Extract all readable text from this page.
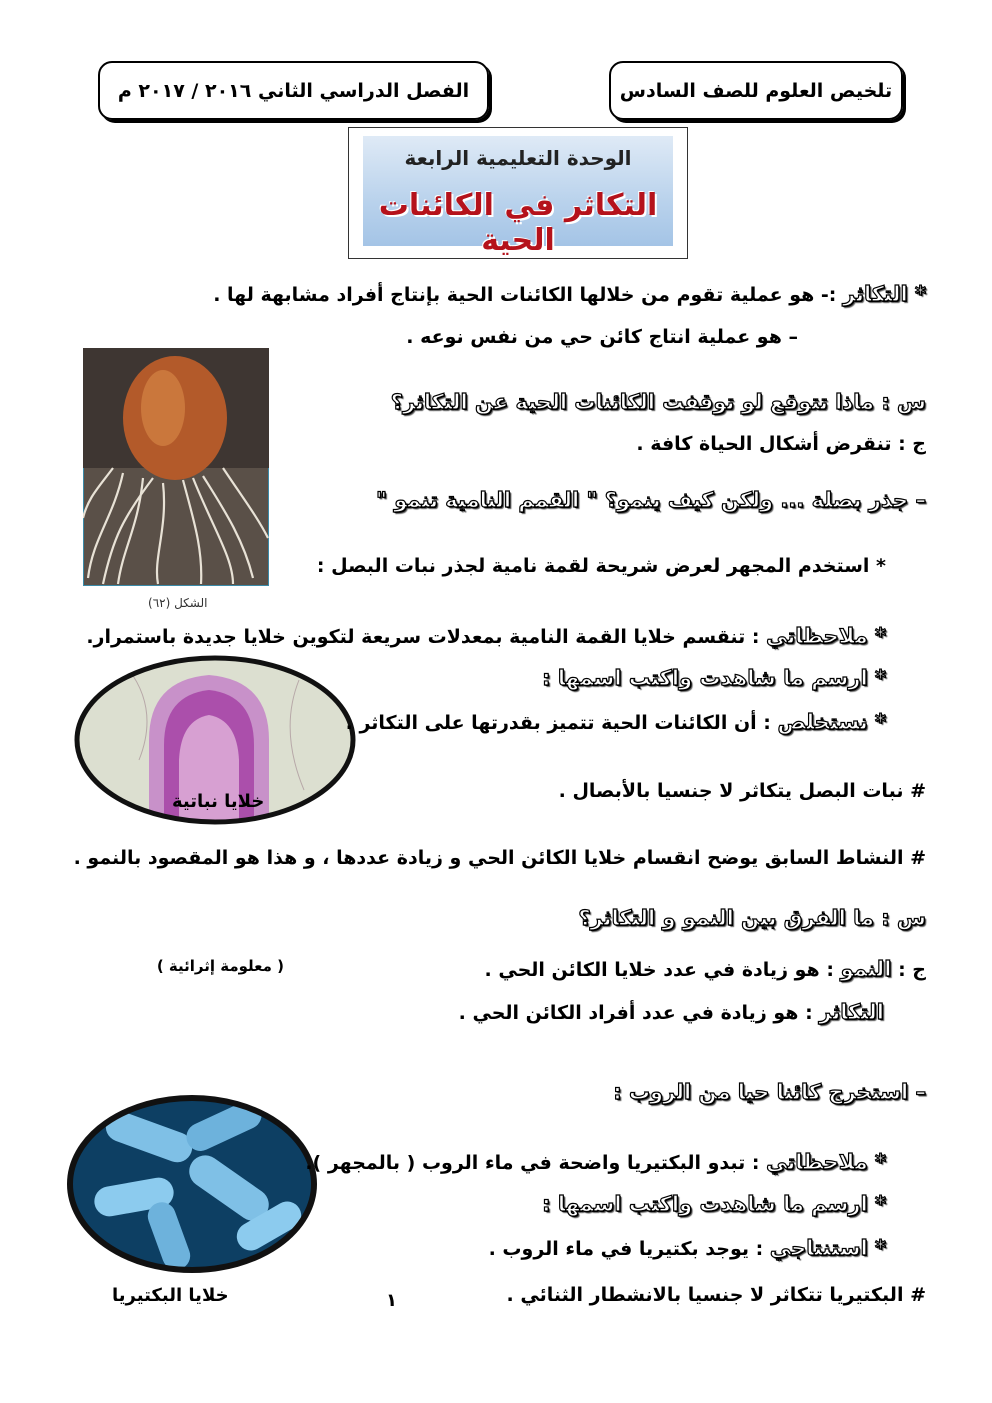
الفصل الدراسي الثاني ٢٠١٦ / ٢٠١٧ م	تلخيص العلوم للصف السادس
الوحدة التعليمية الرابعة
التكاثر في الكائنات الحية
الشكل (٦٢)
خلايا نباتية
خلايا البكتيريا	١
* التكاثر :- هو عملية تقوم من خلالها الكائنات الحية بإنتاج أفراد مشابهة لها .
– هو عملية انتاج كائن حي من نفس نوعه .
س : ماذا تتوقع لو توقفت الكائنات الحية عن التكاثر؟
ج : تنقرض أشكال الحياة كافة .
– جذر بصلة ... ولكن كيف ينمو؟ " القمم النامية تنمو "
* استخدم المجهر لعرض شريحة لقمة نامية لجذر نبات البصل :
* ملاحظاتي : تنقسم خلايا القمة النامية بمعدلات سريعة لتكوين خلايا جديدة باستمرار.
* ارسم ما شاهدت واكتب اسمها :
* نستخلص : أن الكائنات الحية تتميز بقدرتها على التكاثر .
# نبات البصل يتكاثر لا جنسيا بالأبصال .
# النشاط السابق يوضح انقسام خلايا الكائن الحي و زيادة عددها ، و هذا هو المقصود بالنمو .
س : ما الفرق بين النمو و التكاثر؟
ج : النمو : هو زيادة في عدد خلايا الكائن الحي .
( معلومة إثرائية )
التكاثر : هو زيادة في عدد أفراد الكائن الحي .
– استخرج كائنا حيا من الروب :
* ملاحظاتي : تبدو البكتيريا واضحة في ماء الروب ( بالمجهر ).
* ارسم ما شاهدت واكتب اسمها :
* استنتاجي : يوجد بكتيريا في ماء الروب .
# البكتيريا تتكاثر لا جنسيا بالانشطار الثنائي .
